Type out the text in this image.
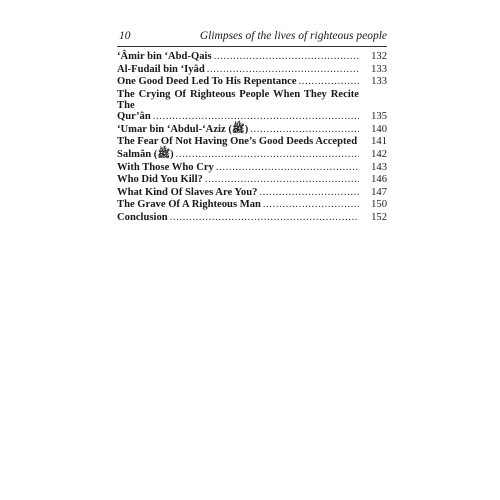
10	Glimpses of the lives of righteous people
‘Âmir bin ‘Abd-Qais .....	132
Al-Fudail bin ‘Iyâd .....	133
One Good Deed Led To His Repentance .....	133
The Crying Of Righteous People When They Recite The
Qur’ân .....	135
‘Umar bin ‘Abdul-‘Aziz (ﷺ) .....	140
The Fear Of Not Having One’s Good Deeds Accepted	141
Salmân (ﷺ) .....	142
With Those Who Cry .....	143
Who Did You Kill? .....	146
What Kind Of Slaves Are You? .....	147
The Grave Of A Righteous Man .....	150
Conclusion .....	152
